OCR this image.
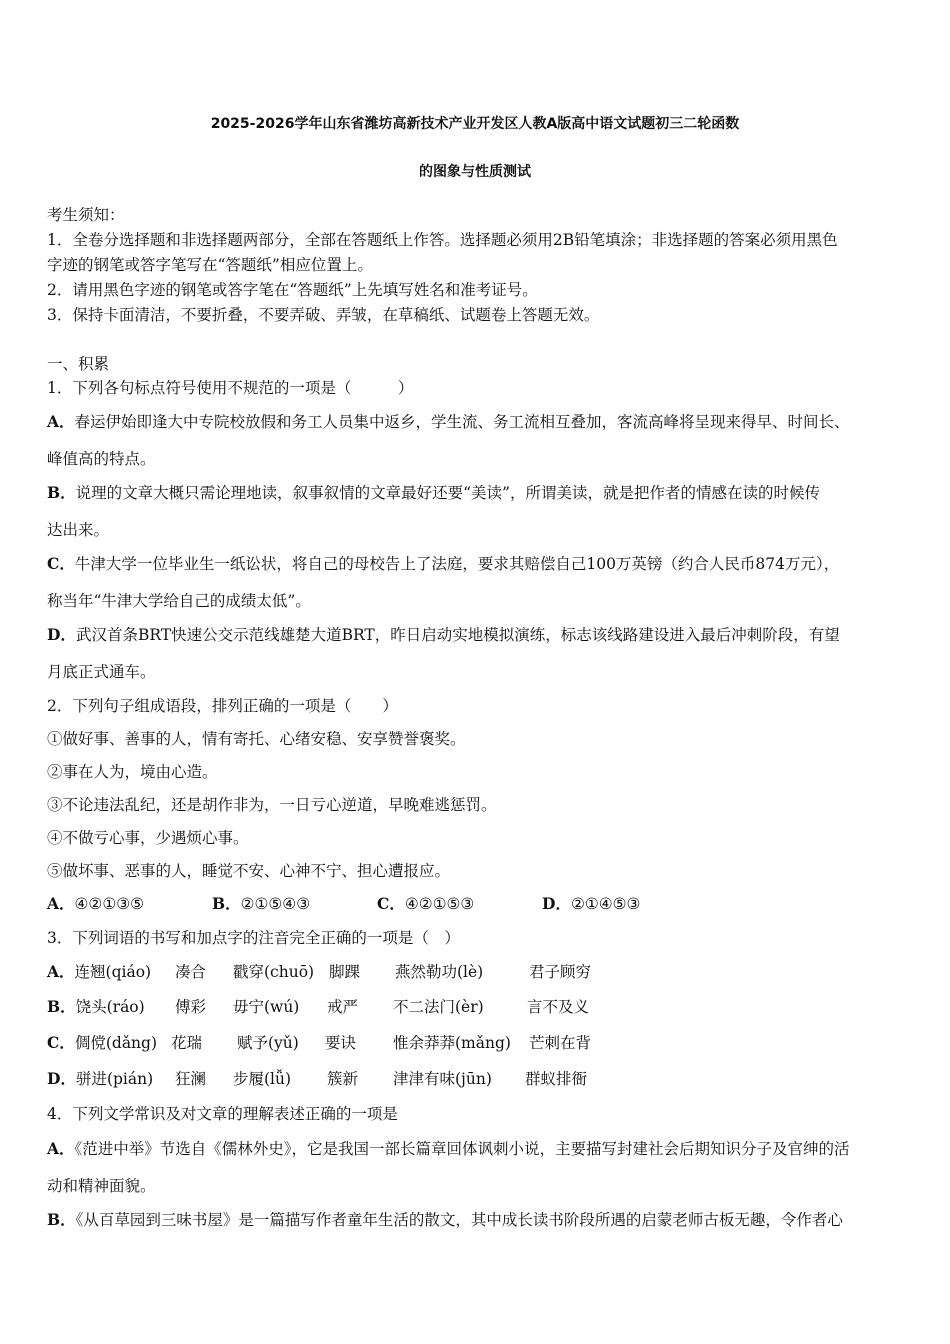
2025-2026学年山东省潍坊高新技术产业开发区人教A版高中语文试题初三二轮函数
的图象与性质测试
考生须知：
1．全卷分选择题和非选择题两部分，全部在答题纸上作答。选择题必须用2B铅笔填涂；非选择题的答案必须用黑色
字迹的钢笔或答字笔写在“答题纸”相应位置上。
2．请用黑色字迹的钢笔或答字笔在“答题纸”上先填写姓名和准考证号。
3．保持卡面清洁，不要折叠，不要弄破、弄皱，在草稿纸、试题卷上答题无效。
一、积累
1．下列各句标点符号使用不规范的一项是（　　　）
A．春运伊始即逢大中专院校放假和务工人员集中返乡，学生流、务工流相互叠加，客流高峰将呈现来得早、时间长、
峰值高的特点。
B．说理的文章大概只需论理地读，叙事叙情的文章最好还要“美读”，所谓美读，就是把作者的情感在读的时候传
达出来。
C．牛津大学一位毕业生一纸讼状，将自己的母校告上了法庭，要求其赔偿自己100万英镑（约合人民币874万元），
称当年“牛津大学给自己的成绩太低”。
D．武汉首条BRT快速公交示范线雄楚大道BRT，昨日启动实地模拟演练，标志该线路建设进入最后冲刺阶段，有望
月底正式通车。
2．下列句子组成语段，排列正确的一项是（　　）
①做好事、善事的人，情有寄托、心绪安稳、安享赞誉褒奖。
②事在人为，境由心造。
③不论违法乱纪，还是胡作非为，一日亏心逆道，早晚难逃惩罚。
④不做亏心事，少遇烦心事。
⑤做坏事、恶事的人，睡觉不安、心神不宁、担心遭报应。
A．④②①③⑤	B．②①⑤④③	C．④②①⑤③	D．②①④⑤③
3．下列词语的书写和加点字的注音完全正确的一项是（　）
A．连翘(qiáo) 凑合 戳穿(chuō) 脚踝 燕然勒功(lè)	君子顾穷
B．饶头(ráo) 傅彩 毋宁(wú) 戒严 不二法门(èr)	言不及义
C．倜傥(dǎng) 花瑞 赋予(yǔ) 要诀 惟余莽莽(mǎng) 芒刺在背
D．骈进(pián) 狂澜 步履(lǚ) 簇新 津津有味(jūn) 群蚁排衙
4．下列文学常识及对文章的理解表述正确的一项是
A．《范进中举》节选自《儒林外史》，它是我国一部长篇章回体讽刺小说，主要描写封建社会后期知识分子及官绅的活
动和精神面貌。
B．《从百草园到三味书屋》是一篇描写作者童年生活的散文，其中成长读书阶段所遇的启蒙老师古板无趣，令作者心
